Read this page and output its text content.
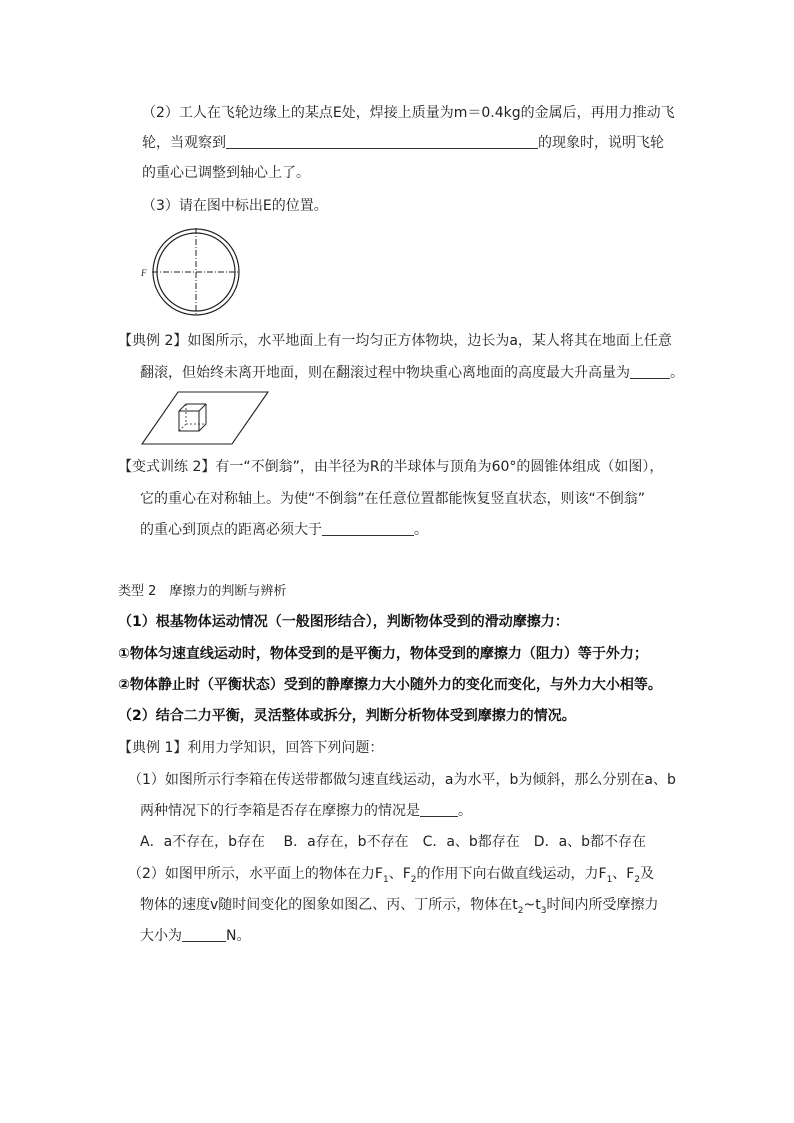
（2）工人在飞轮边缘上的某点E处，焊接上质量为m＝0.4kg的金属后，再用力推动飞
轮，当观察到	的现象时，说明飞轮
的重心已调整到轴心上了。
（3）请在图中标出E的位置。
F
【典例 2】如图所示，水平地面上有一均匀正方体物块，边长为a，某人将其在地面上任意
翻滚，但始终未离开地面，则在翻滚过程中物块重心离地面的高度最大升高量为	。
【变式训练 2】有一“不倒翁”，由半径为R的半球体与顶角为60°的圆锥体组成（如图），
它的重心在对称轴上。为使“不倒翁”在任意位置都能恢复竖直状态，则该“不倒翁”
的重心到顶点的距离必须大于	。
类型 2　摩擦力的判断与辨析
（1）根基物体运动情况（一般图形结合），判断物体受到的滑动摩擦力：
①物体匀速直线运动时，物体受到的是平衡力，物体受到的摩擦力（阻力）等于外力；
②物体静止时（平衡状态）受到的静摩擦力大小随外力的变化而变化，与外力大小相等。
（2）结合二力平衡，灵活整体或拆分，判断分析物体受到摩擦力的情况。
【典例 1】利用力学知识，回答下列问题：
（1）如图所示行李箱在传送带都做匀速直线运动，a为水平，b为倾斜，那么分别在a、b
两种情况下的行李箱是否存在摩擦力的情况是	。
A．a不存在，b存在　 B．a存在，b不存在　C．a、b都存在　D．a、b都不存在
（2）如图甲所示，水平面上的物体在力$F_1$、$F_2$的作用下向右做直线运动，力$F_1$、$F_2$及
物体的速度v随时间变化的图象如图乙、丙、丁所示，物体在$t_2\sim t_3$时间内所受摩擦力
大小为	N。
